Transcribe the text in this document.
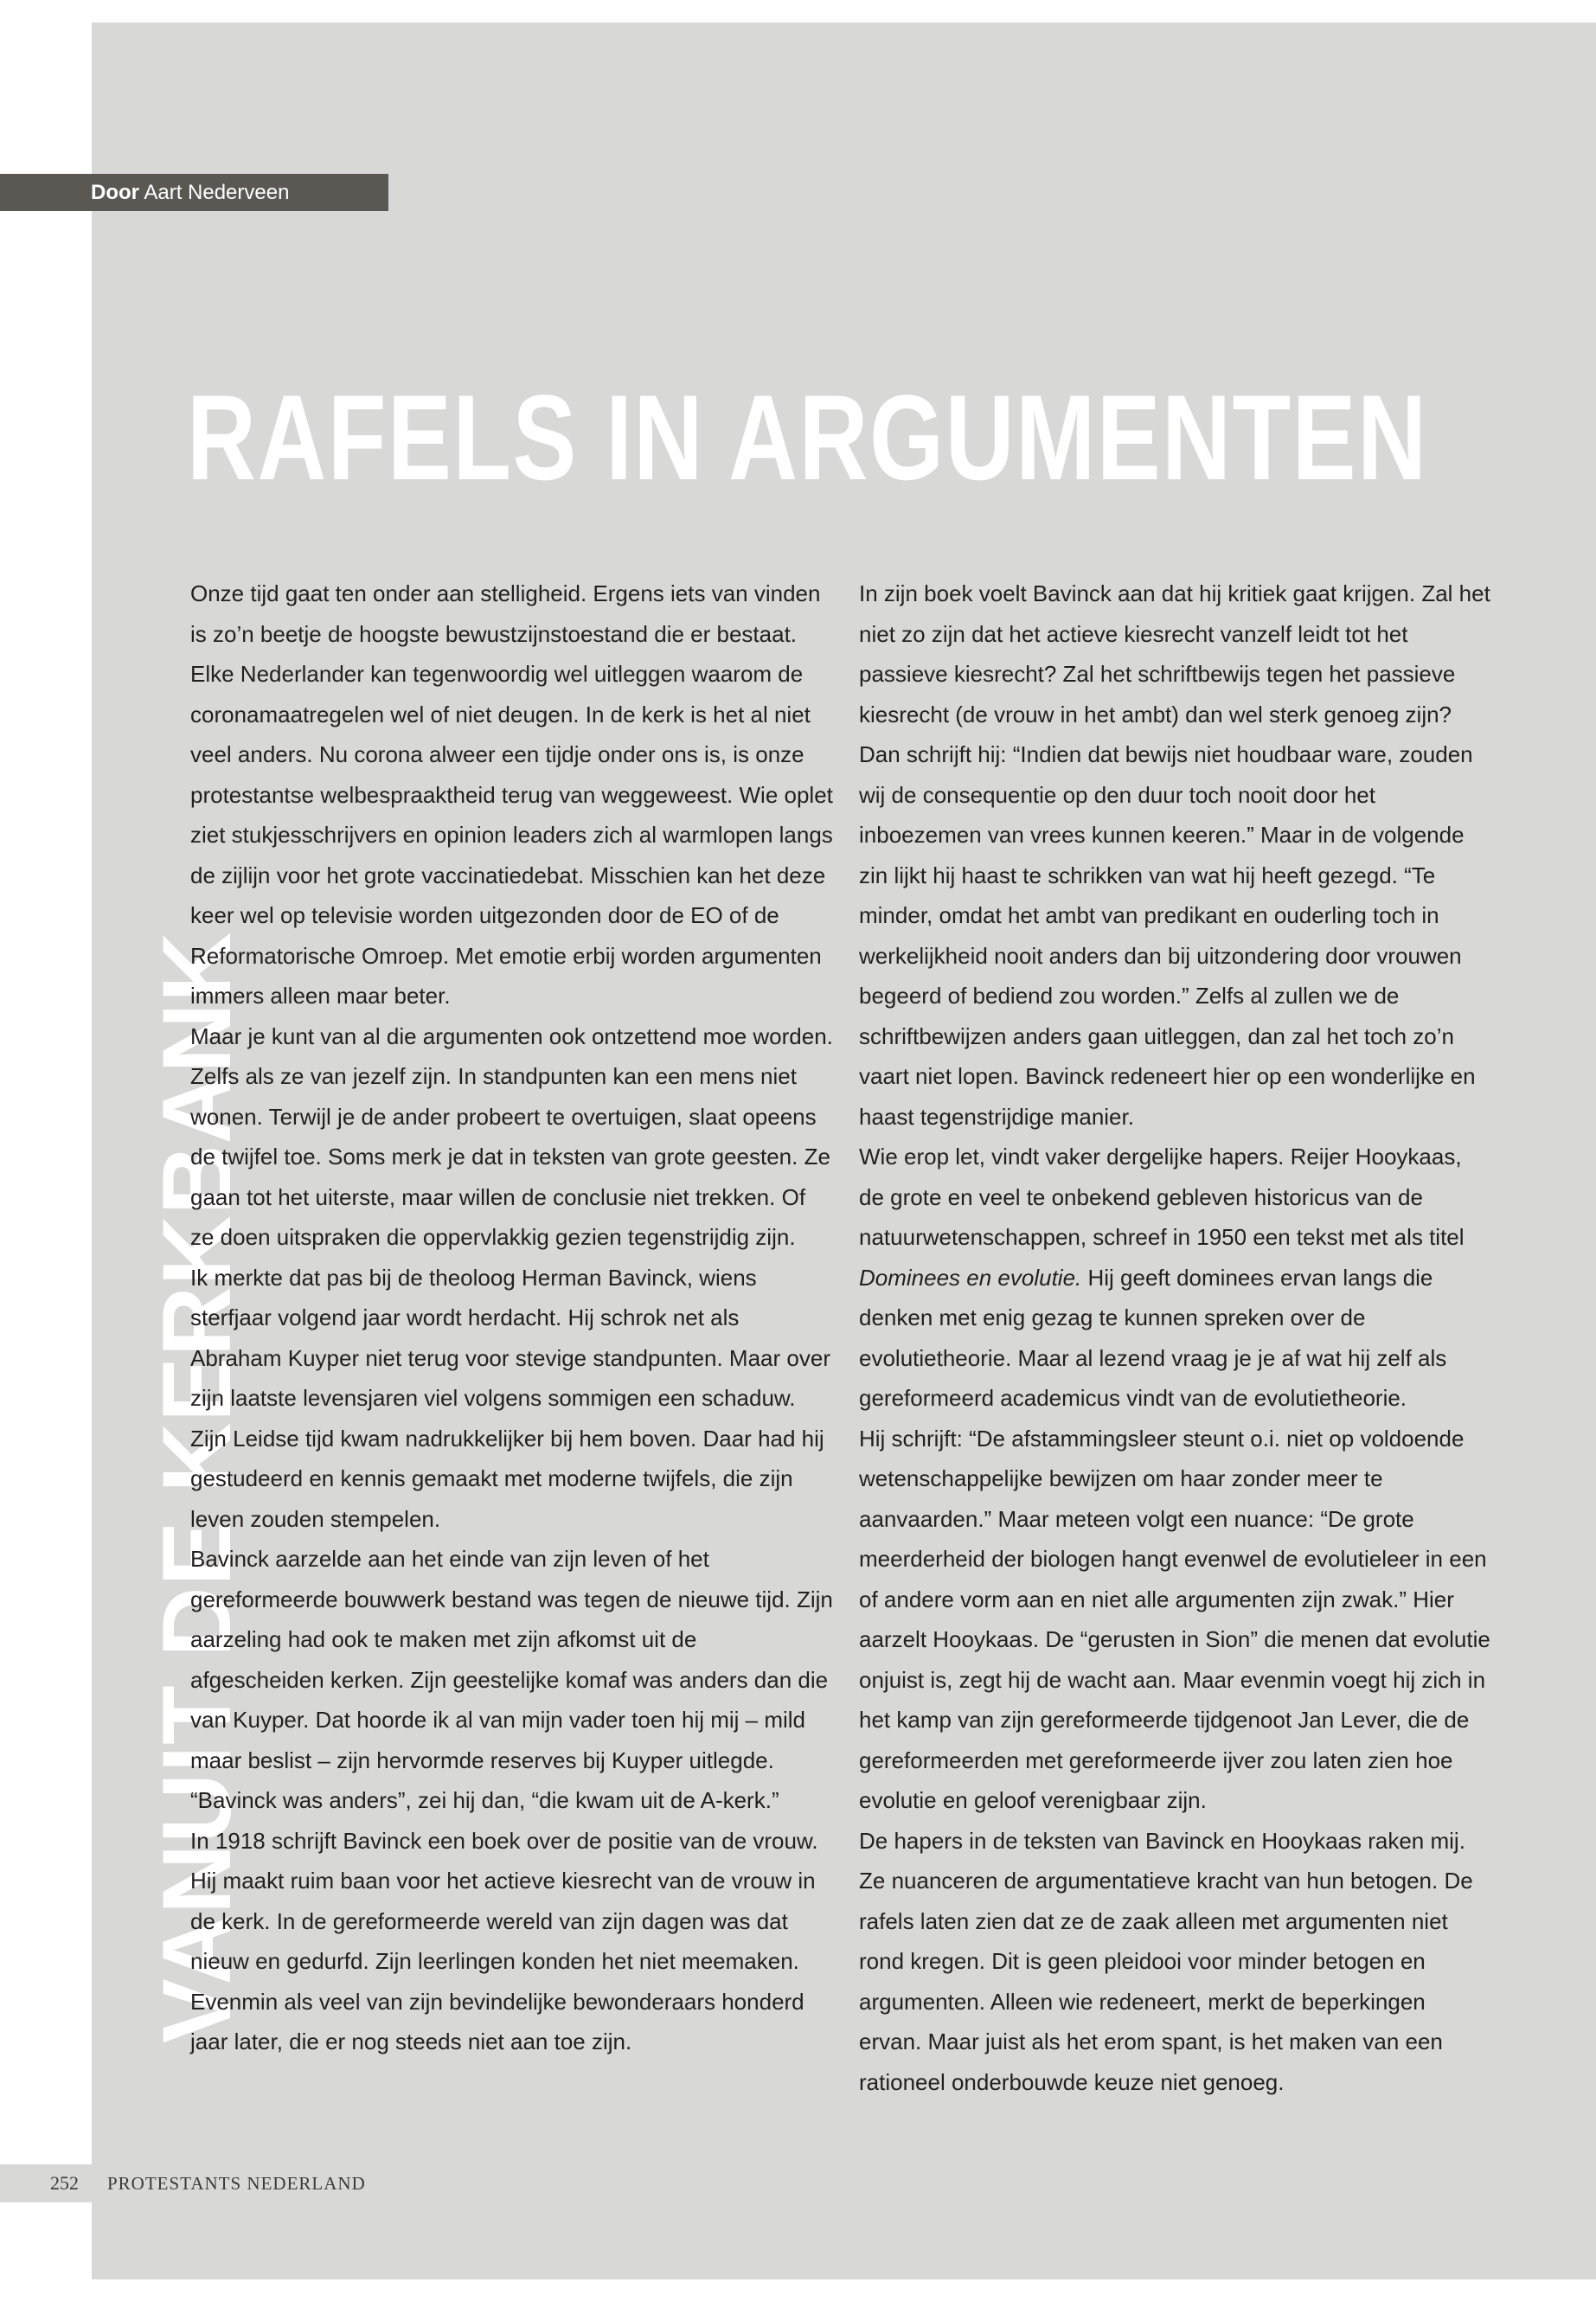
Door Aart Nederveen
RAFELS IN ARGUMENTEN
VANUIT DE KERKBANK

Onze tijd gaat ten onder aan stelligheid. Ergens iets van vinden is zo’n beetje de hoogste bewustzijnstoestand die er bestaat. Elke Nederlander kan tegenwoordig wel uitleggen waarom de coronamaatregelen wel of niet deugen. In de kerk is het al niet veel anders. Nu corona alweer een tijdje onder ons is, is onze protestantse welbespraaktheid terug van weggeweest. Wie oplet ziet stukjesschrijvers en opinion leaders zich al warmlopen langs de zijlijn voor het grote vaccinatiedebat. Misschien kan het deze keer wel op televisie worden uitgezonden door de EO of de Reformatorische Omroep. Met emotie erbij worden argumenten immers alleen maar beter.

Maar je kunt van al die argumenten ook ontzettend moe worden. Zelfs als ze van jezelf zijn. In standpunten kan een mens niet wonen. Terwijl je de ander probeert te overtuigen, slaat opeens de twijfel toe. Soms merk je dat in teksten van grote geesten. Ze gaan tot het uiterste, maar willen de conclusie niet trekken. Of ze doen uitspraken die oppervlakkig gezien tegenstrijdig zijn.

Ik merkte dat pas bij de theoloog Herman Bavinck, wiens sterfjaar volgend jaar wordt herdacht. Hij schrok net als Abraham Kuyper niet terug voor stevige standpunten. Maar over zijn laatste levensjaren viel volgens sommigen een schaduw. Zijn Leidse tijd kwam nadrukkelijker bij hem boven. Daar had hij gestudeerd en kennis gemaakt met moderne twijfels, die zijn leven zouden stempelen.

Bavinck aarzelde aan het einde van zijn leven of het gereformeerde bouwwerk bestand was tegen de nieuwe tijd. Zijn aarzeling had ook te maken met zijn afkomst uit de afgescheiden kerken. Zijn geestelijke komaf was anders dan die van Kuyper. Dat hoorde ik al van mijn vader toen hij mij – mild maar beslist – zijn hervormde reserves bij Kuyper uitlegde. “Bavinck was anders”, zei hij dan, “die kwam uit de A-kerk.”

In 1918 schrijft Bavinck een boek over de positie van de vrouw. Hij maakt ruim baan voor het actieve kiesrecht van de vrouw in de kerk. In de gereformeerde wereld van zijn dagen was dat nieuw en gedurfd. Zijn leerlingen konden het niet meemaken. Evenmin als veel van zijn bevindelijke bewonderaars honderd jaar later, die er nog steeds niet aan toe zijn.

In zijn boek voelt Bavinck aan dat hij kritiek gaat krijgen. Zal het niet zo zijn dat het actieve kiesrecht vanzelf leidt tot het passieve kiesrecht? Zal het schriftbewijs tegen het passieve kiesrecht (de vrouw in het ambt) dan wel sterk genoeg zijn? Dan schrijft hij: “Indien dat bewijs niet houdbaar ware, zouden wij de consequentie op den duur toch nooit door het inboezemen van vrees kunnen keeren.” Maar in de volgende zin lijkt hij haast te schrikken van wat hij heeft gezegd. “Te minder, omdat het ambt van predikant en ouderling toch in werkelijkheid nooit anders dan bij uitzondering door vrouwen begeerd of bediend zou worden.” Zelfs al zullen we de schriftbewijzen anders gaan uitleggen, dan zal het toch zo’n vaart niet lopen. Bavinck redeneert hier op een wonderlijke en haast tegenstrijdige manier.

Wie erop let, vindt vaker dergelijke hapers. Reijer Hooykaas, de grote en veel te onbekend gebleven historicus van de natuurwetenschappen, schreef in 1950 een tekst met als titel Dominees en evolutie. Hij geeft dominees ervan langs die denken met enig gezag te kunnen spreken over de evolutietheorie. Maar al lezend vraag je je af wat hij zelf als gereformeerd academicus vindt van de evolutietheorie.

Hij schrijft: “De afstammingsleer steunt o.i. niet op voldoende wetenschappelijke bewijzen om haar zonder meer te aanvaarden.” Maar meteen volgt een nuance: “De grote meerderheid der biologen hangt evenwel de evolutieleer in een of andere vorm aan en niet alle argumenten zijn zwak.” Hier aarzelt Hooykaas. De “gerusten in Sion” die menen dat evolutie onjuist is, zegt hij de wacht aan. Maar evenmin voegt hij zich in het kamp van zijn gereformeerde tijdgenoot Jan Lever, die de gereformeerden met gereformeerde ijver zou laten zien hoe evolutie en geloof verenigbaar zijn.

De hapers in de teksten van Bavinck en Hooykaas raken mij. Ze nuanceren de argumentatieve kracht van hun betogen. De rafels laten zien dat ze de zaak alleen met argumenten niet rond kregen. Dit is geen pleidooi voor minder betogen en argumenten. Alleen wie redeneert, merkt de beperkingen ervan. Maar juist als het erom spant, is het maken van een rationeel onderbouwde keuze niet genoeg.

252 PROTESTANTS NEDERLAND
